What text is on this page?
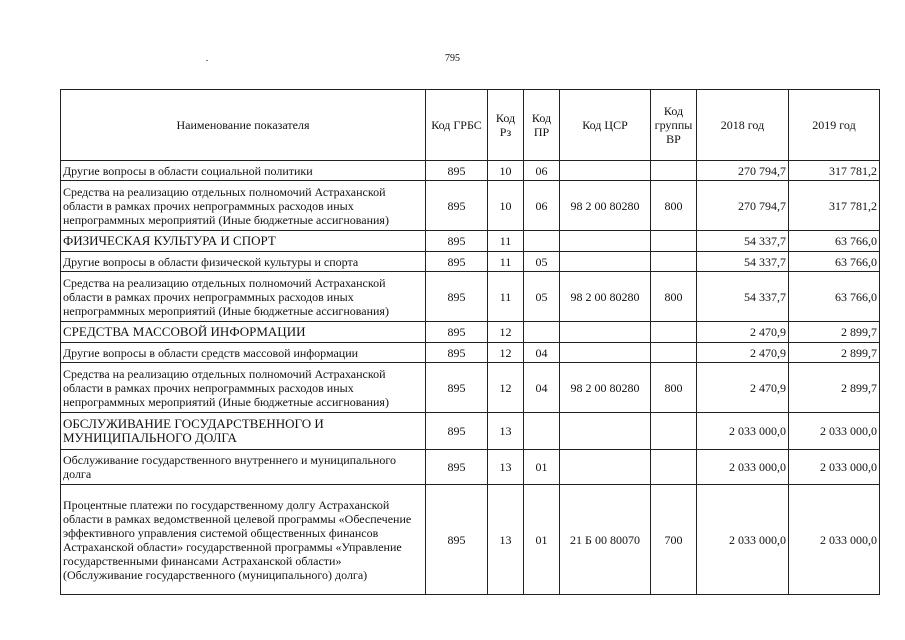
795
Наименование показателя	Код ГРБС	Код Рз	Код ПР	Код ЦСР	Код группы ВР	2018 год	2019 год
Другие вопросы в области социальной политики	895	10	06			270 794,7	317 781,2
Средства на реализацию отдельных полномочий Астраханской области в рамках прочих непрограммных расходов иных непрограммных мероприятий (Иные бюджетные ассигнования)	895	10	06	98 2 00 80280	800	270 794,7	317 781,2
ФИЗИЧЕСКАЯ КУЛЬТУРА И СПОРТ	895	11				54 337,7	63 766,0
Другие вопросы в области физической культуры и спорта	895	11	05			54 337,7	63 766,0
Средства на реализацию отдельных полномочий Астраханской области в рамках прочих непрограммных расходов иных непрограммных мероприятий (Иные бюджетные ассигнования)	895	11	05	98 2 00 80280	800	54 337,7	63 766,0
СРЕДСТВА МАССОВОЙ ИНФОРМАЦИИ	895	12				2 470,9	2 899,7
Другие вопросы в области средств массовой информации	895	12	04			2 470,9	2 899,7
Средства на реализацию отдельных полномочий Астраханской области в рамках прочих непрограммных расходов иных непрограммных мероприятий (Иные бюджетные ассигнования)	895	12	04	98 2 00 80280	800	2 470,9	2 899,7
ОБСЛУЖИВАНИЕ ГОСУДАРСТВЕННОГО И МУНИЦИПАЛЬНОГО ДОЛГА	895	13				2 033 000,0	2 033 000,0
Обслуживание государственного внутреннего и муниципального долга	895	13	01			2 033 000,0	2 033 000,0
Процентные платежи по государственному долгу Астраханской области в рамках ведомственной целевой программы «Обеспечение эффективного управления системой общественных финансов Астраханской области» государственной программы «Управление государственными финансами Астраханской области» (Обслуживание государственного (муниципального) долга)	895	13	01	21 Б 00 80070	700	2 033 000,0	2 033 000,0
